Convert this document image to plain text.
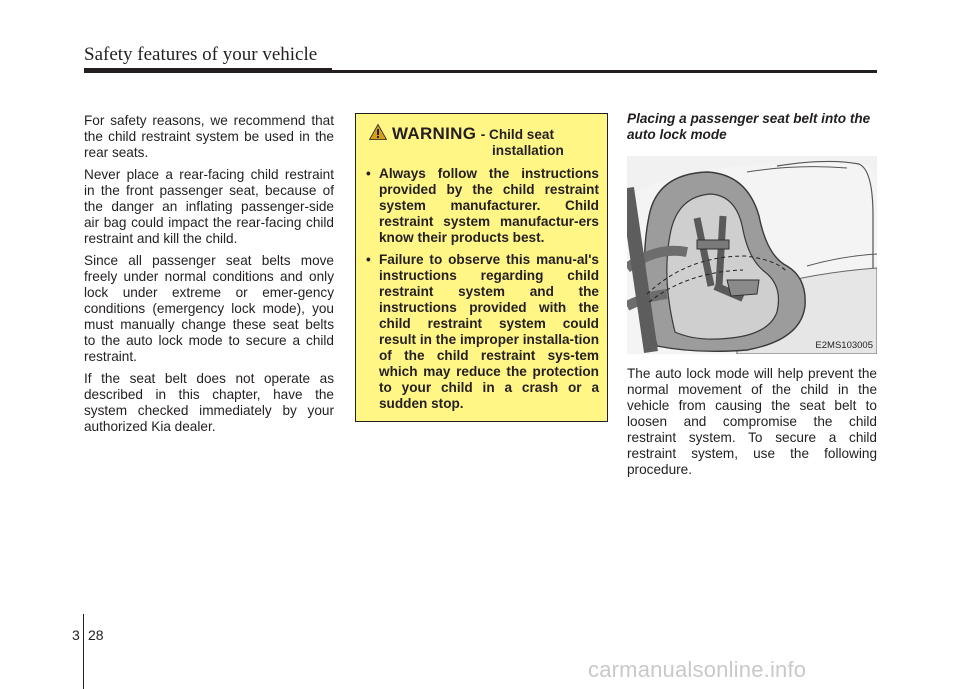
Safety features of your vehicle

For safety reasons, we recommend that the child restraint system be used in the rear seats.

Never place a rear-facing child restraint in the front passenger seat, because of the danger an inflating passenger-side air bag could impact the rear-facing child restraint and kill the child.

Since all passenger seat belts move freely under normal conditions and only lock under extreme or emer-gency conditions (emergency lock mode), you must manually change these seat belts to the auto lock mode to secure a child restraint.

If the seat belt does not operate as described in this chapter, have the system checked immediately by your authorized Kia dealer.

WARNING - Child seat
installation
• Always follow the instructions provided by the child restraint system manufacturer. Child restraint system manufactur-ers know their products best.
• Failure to observe this manu-al's instructions regarding child restraint system and the instructions provided with the child restraint system could result in the improper installa-tion of the child restraint sys-tem which may reduce the protection to your child in a crash or a sudden stop.
Placing a passenger seat belt into the auto lock mode
E2MS103005

The auto lock mode will help prevent the normal movement of the child in the vehicle from causing the seat belt to loosen and compromise the child restraint system. To secure a child restraint system, use the following procedure.

3 28
carmanualsonline.info
